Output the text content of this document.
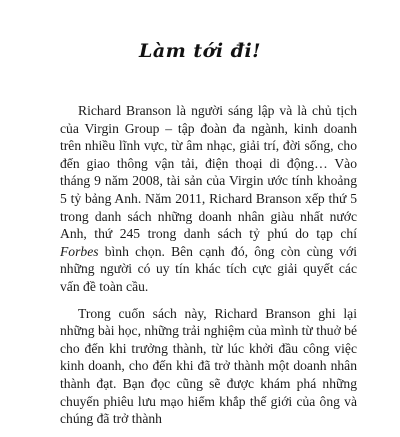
Làm tới đi!

Richard Branson là người sáng lập và là chủ tịch của Virgin Group – tập đoàn đa ngành, kinh doanh trên nhiều lĩnh vực, từ âm nhạc, giải trí, đời sống, cho đến giao thông vận tải, điện thoại di động… Vào tháng 9 năm 2008, tài sản của Virgin ước tính khoảng 5 tỷ bảng Anh. Năm 2011, Richard Branson xếp thứ 5 trong danh sách những doanh nhân giàu nhất nước Anh, thứ 245 trong danh sách tỷ phú do tạp chí Forbes bình chọn. Bên cạnh đó, ông còn cùng với những người có uy tín khác tích cực giải quyết các vấn đề toàn cầu.

Trong cuốn sách này, Richard Branson ghi lại những bài học, những trải nghiệm của mình từ thuở bé cho đến khi trưởng thành, từ lúc khởi đầu công việc kinh doanh, cho đến khi đã trở thành một doanh nhân thành đạt. Bạn đọc cũng sẽ được khám phá những chuyến phiêu lưu mạo hiểm khắp thế giới của ông và chúng đã trở thành
